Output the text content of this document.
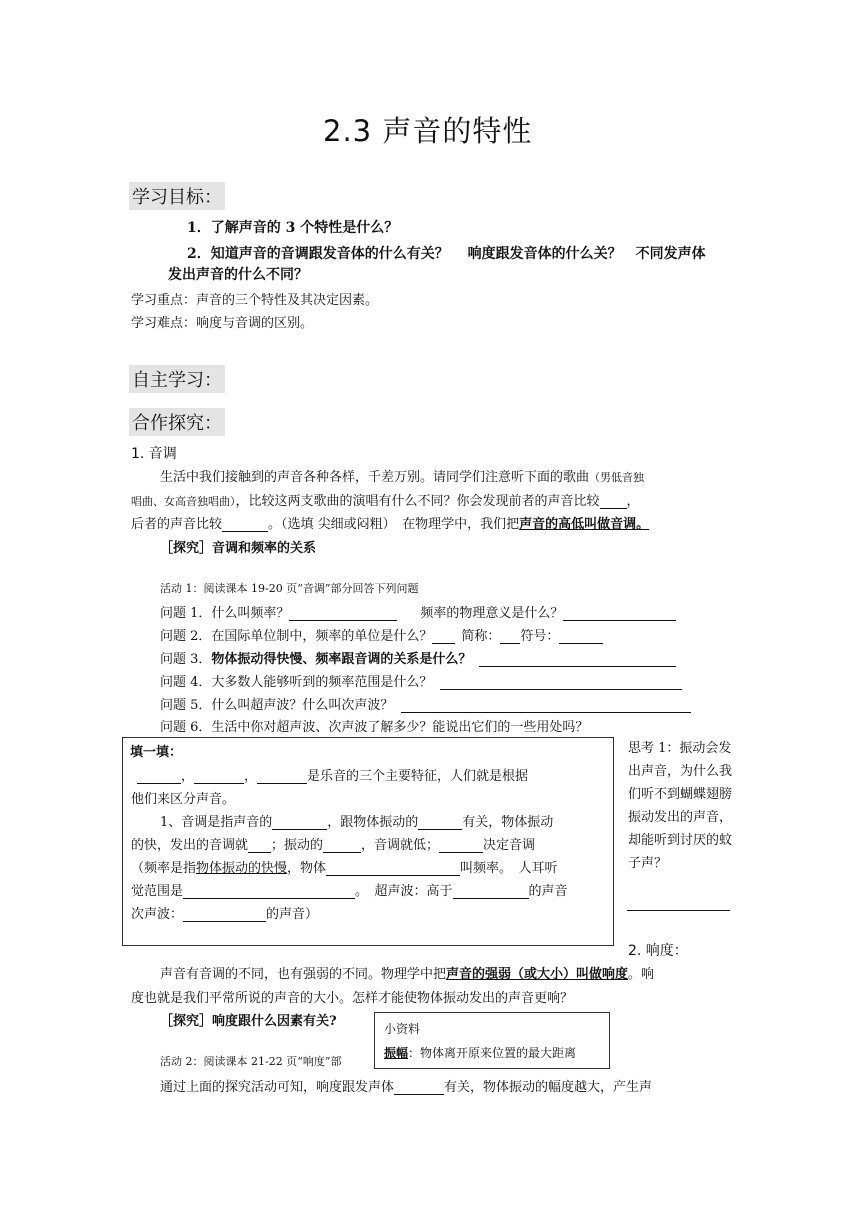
2.3 声音的特性
学习目标：
1．了解声音的 3 个特性是什么？
2．知道声音的音调跟发音体的什么有关？　 响度跟发音体的什么关？　不同发声体
发出声音的什么不同？
学习重点：声音的三个特性及其决定因素。
学习难点：响度与音调的区别。
自主学习：
合作探究：
1. 音调
生活中我们接触到的声音各种各样，千差万别。请同学们注意听下面的歌曲（男低音独
唱曲、女高音独唱曲），比较这两支歌曲的演唱有什么不同？你会发现前者的声音比较 ，
后者的声音比较	。（选填 尖细或闷粗）　在物理学中，我们把声音的高低叫做音调。
［探究］音调和频率的关系
活动 1：阅读课本 19-20 页“音调”部分回答下列问题
问题 1．什么叫频率？	频率的物理意义是什么？
问题 2．在国际单位制中，频率的单位是什么？ 简称： 符号：
问题 3．物体振动得快慢、频率跟音调的关系是什么？
问题 4．大多数人能够听到的频率范围是什么？
问题 5．什么叫超声波？什么叫次声波？
问题 6．生活中你对超声波、次声波了解多少？能说出它们的一些用处吗？
填一填：
，	，	是乐音的三个主要特征，人们就是根据
他们来区分声音。
1、音调是指声音的	，跟物体振动的	有关，物体振动
的快，发出的音调就 ；振动的	，音调就低；	决定音调
（频率是指物体振动的快慢，物体	叫频率。　人耳听
觉范围是	。　超声波：高于	的声音
次声波：	的声音）
思考 1：振动会发出声音，为什么我们听不到蝴蝶翅膀振动发出的声音，却能听到讨厌的蚊子声？
2. 响度：
声音有音调的不同，也有强弱的不同。物理学中把声音的强弱（或大小）叫做响度。响
度也就是我们平常所说的声音的大小。怎样才能使物体振动发出的声音更响？
［探究］响度跟什么因素有关?
活动 2：阅读课本 21-22 页“响度”部
小资料
振幅：物体离开原来位置的最大距离
通过上面的探究活动可知，响度跟发声体	有关，物体振动的幅度越大，产生声
